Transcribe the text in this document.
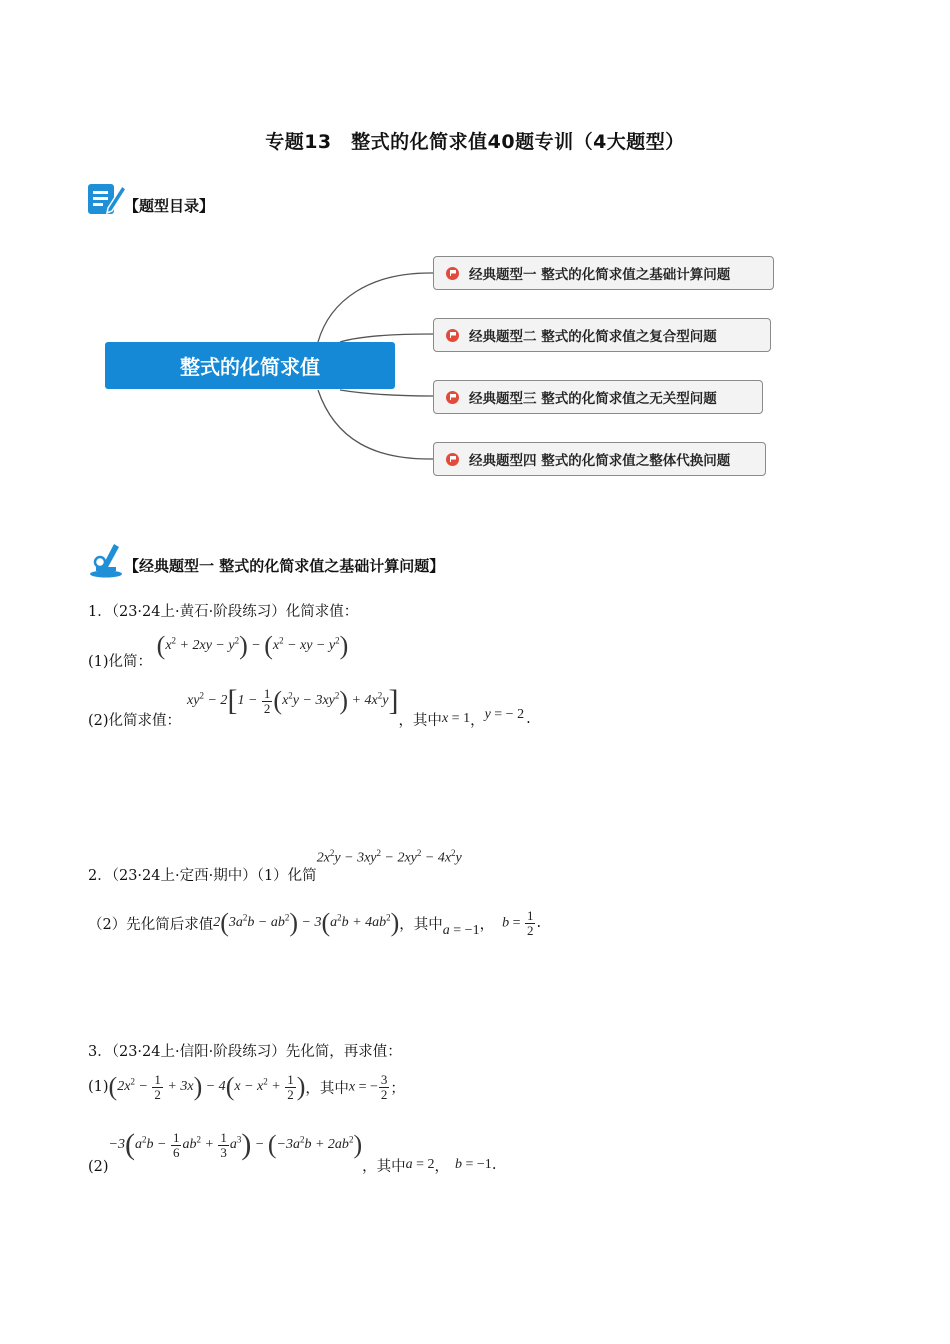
专题13　整式的化简求值40题专训（4大题型）
【题型目录】
整式的化简求值
经典题型一 整式的化简求值之基础计算问题
经典题型二 整式的化简求值之复合型问题
经典题型三 整式的化简求值之无关型问题
经典题型四 整式的化简求值之整体代换问题
【经典题型一 整式的化简求值之基础计算问题】
1．（23·24上·黄石·阶段练习）化简求值：
(1)化简： $(x^2 + 2xy - y^2) - (x^2$ − xy − $y^2$)
(2)化简求值：
$xy^2 - 2[1 - \frac{1}{2} (x^2y - 3xy^2) + 4x^2y]$
，其中 x = 1 ， y = − 2 .
2．（23·24上·定西·期中）（1）化简
$2x^2y - 3xy^2 - 2xy^2 - 4x^2y$
（2）先化简后求值 $2(3a^2b - ab^2) - 3(a^2b + 4ab^2)$ ，其中 a = −1 ， $b = \frac{1}{2}$ .
3．（23·24上·信阳·阶段练习）先化简，再求值：
(1) $(2x^2 - \frac{1}{2} + 3x) - 4(x - x^2 + \frac{1}{2}$ ) ，其中 x = − $\frac{3}{2}$ ；
(2)
$-3(a^2b - \frac{1}{6} ab^2 + \frac{1}{3} a^3) - (-3a^2b + 2ab^2)$
，其中 a = 2 ， b = −1 .
